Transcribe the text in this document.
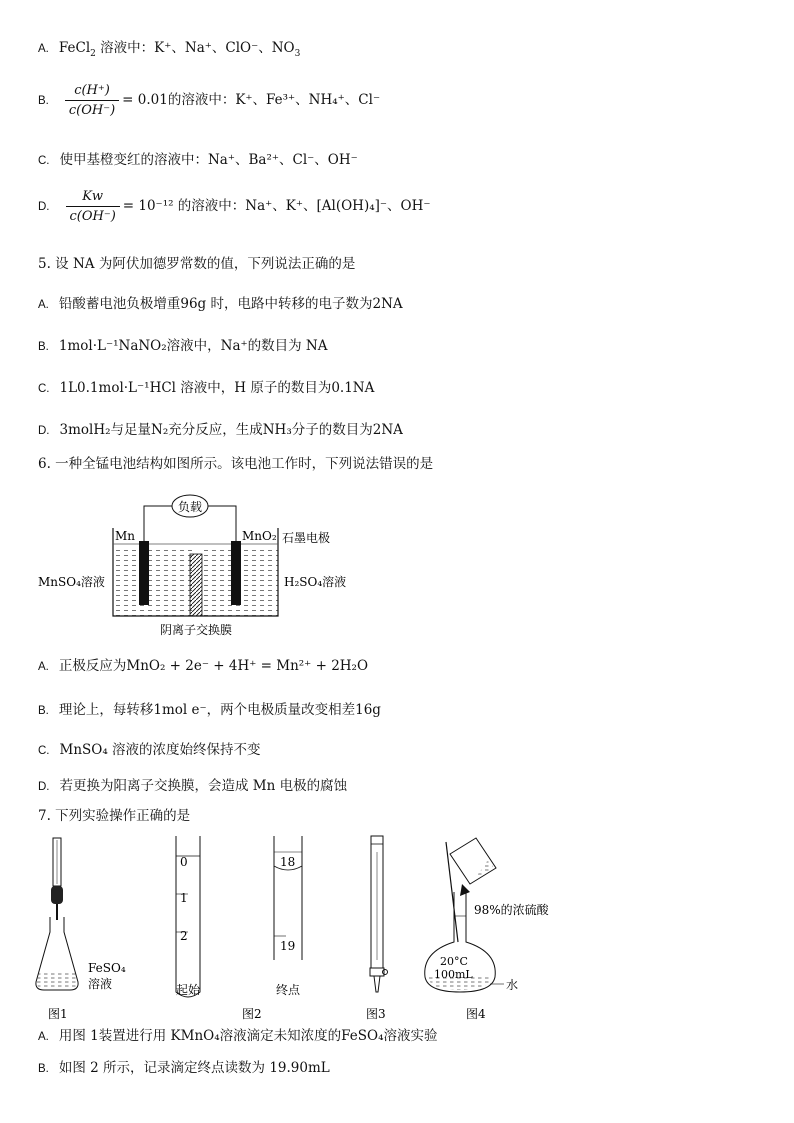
A. FeCl$_2$ 溶液中：K⁺、Na⁺、ClO⁻、$NO_3$
B. $\frac{c(H^+)}{c(OH^-)} = 0.01$的溶液中：K⁺、Fe³⁺、NH₄⁺、Cl⁻
C. 使甲基橙变红的溶液中：Na⁺、Ba²⁺、Cl⁻、OH⁻
D. $\frac{Kw}{c(OH^-)} = 10^{-12}$ 的溶液中：Na⁺、K⁺、[Al(OH)₄]⁻、OH⁻
5. 设 NA 为阿伏加德罗常数的值，下列说法正确的是
A. 铅酸蓄电池负极增重96g 时，电路中转移的电子数为2NA
B. 1mol·L⁻¹NaNO₂溶液中，Na⁺的数目为 NA
C. 1L0.1mol·L⁻¹HCl 溶液中，H 原子的数目为0.1NA
D. 3molH₂与足量N₂充分反应，生成NH₃分子的数目为2NA
6. 一种全锰电池结构如图所示。该电池工作时，下列说法错误的是
负载
Mn	MnO₂ 石墨电极
MnSO₄溶液	H₂SO₄溶液
阴离子交换膜
A. 正极反应为MnO₂ + 2e⁻ + 4H⁺ = Mn²⁺ + 2H₂O
B. 理论上，每转移1mol e⁻，两个电极质量改变相差16g
C. MnSO₄ 溶液的浓度始终保持不变
D. 若更换为阳离子交换膜，会造成 Mn 电极的腐蚀
7. 下列实验操作正确的是
FeSO₄
溶液
图1
0
1
2
起始
18
19
终点
图2	图3
98%的浓硫酸
20°C
100mL
水
图4
A. 用图 1装置进行用 KMnO₄溶液滴定未知浓度的FeSO₄溶液实验
B. 如图 2 所示，记录滴定终点读数为 19.90mL
